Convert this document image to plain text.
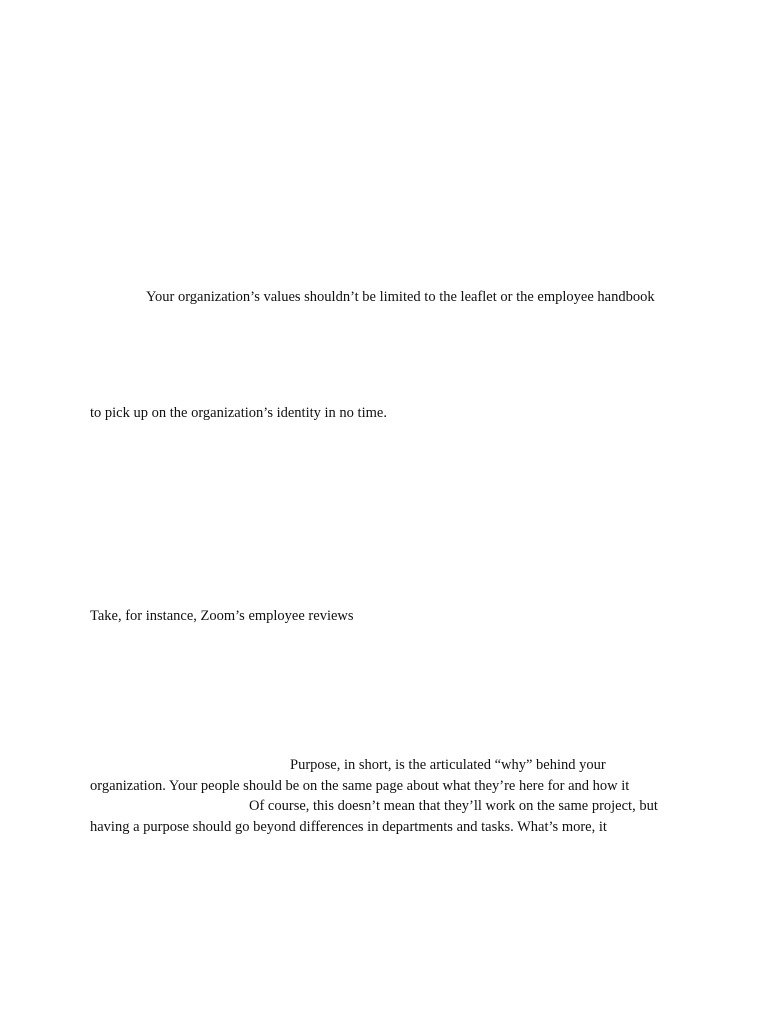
Your organization’s values shouldn’t be limited to the leaflet or the employee handbook

to pick up on the organization’s identity in no time.

Take, for instance, Zoom’s employee reviews

Purpose, in short, is the articulated “why” behind your

organization. Your people should be on the same page about what they’re here for and how it

Of course, this doesn’t mean that they’ll work on the same project, but

having a purpose should go beyond differences in departments and tasks. What’s more, it
